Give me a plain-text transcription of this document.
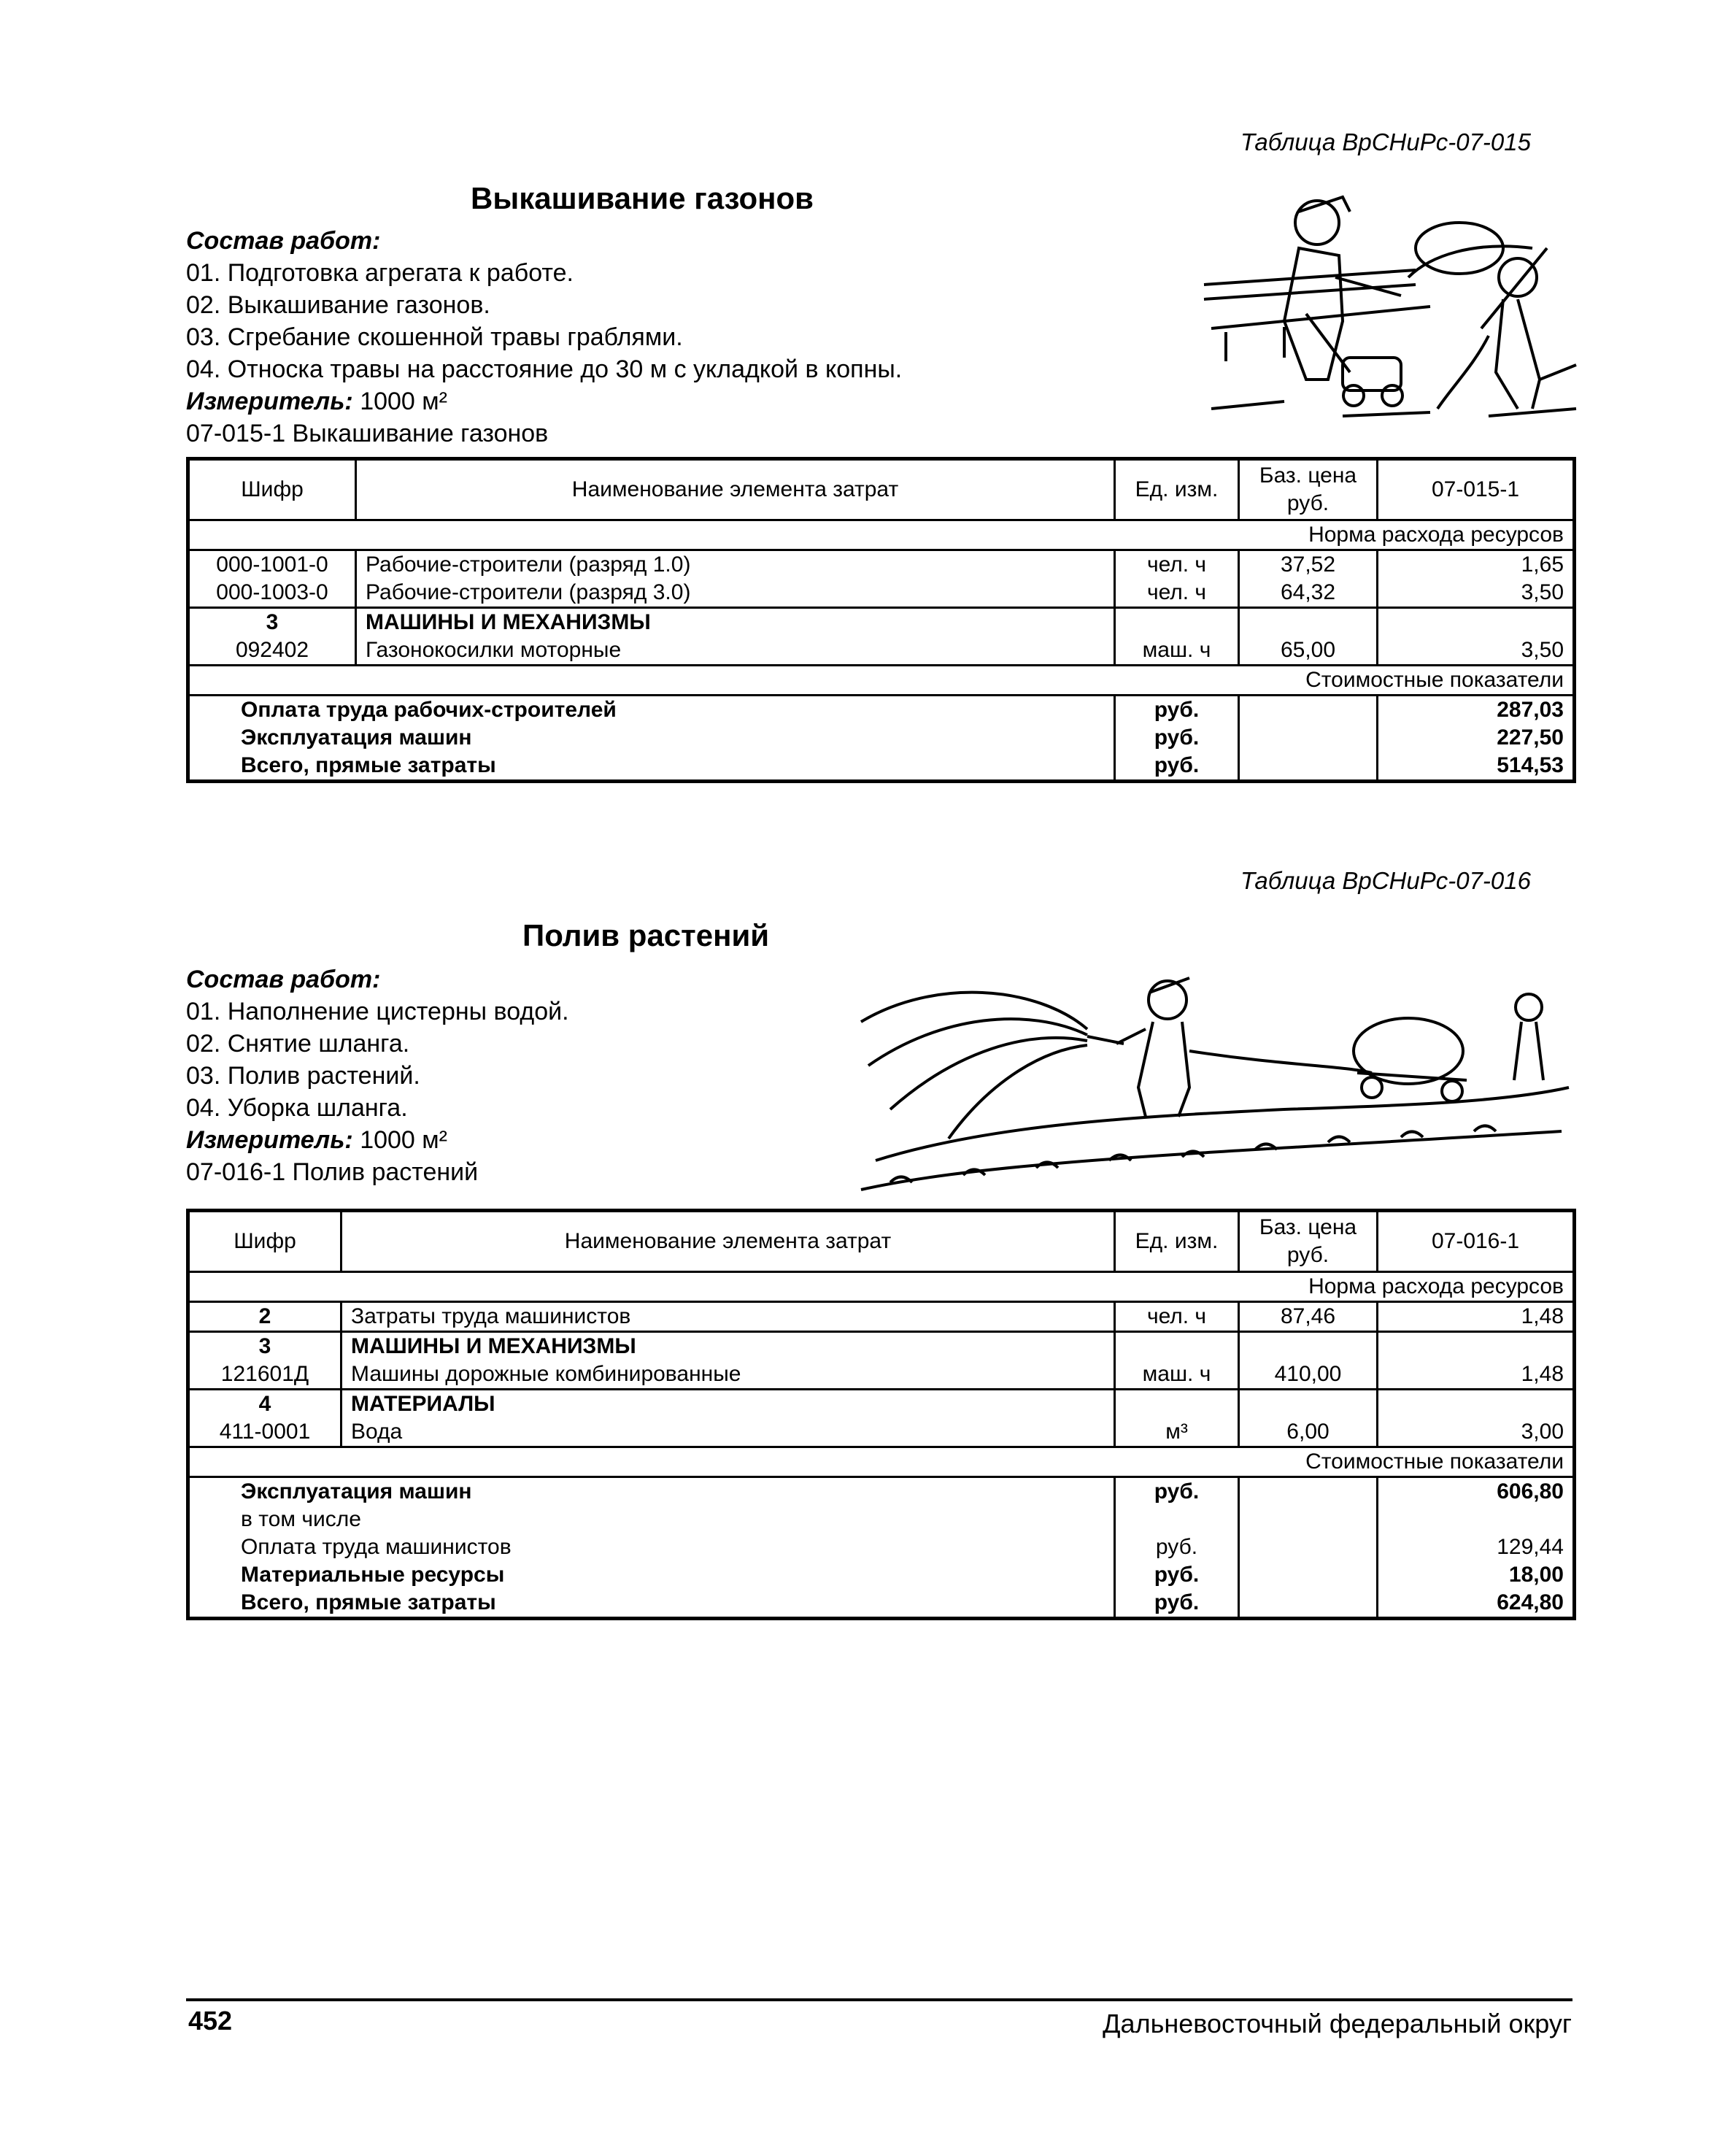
Таблица ВрСНиРс-07-015
Выкашивание газонов
Состав работ:
01. Подготовка агрегата к работе.
02. Выкашивание газонов.
03. Сгребание скошенной травы граблями.
04. Относка травы на расстояние до 30 м с укладкой в копны.
Измеритель: 1000 м²
07-015-1 Выкашивание газонов
Шифр	Наименование элемента затрат	Ед. изм.	Баз. цена руб.	07-015-1
Норма расхода ресурсов				
000-1001-0	Рабочие-строители (разряд 1.0)	чел. ч	37,52	1,65
000-1003-0	Рабочие-строители (разряд 3.0)	чел. ч	64,32	3,50
3	МАШИНЫ И МЕХАНИЗМЫ			
092402	Газонокосилки моторные	маш. ч	65,00	3,50
Стоимостные показатели				
Оплата труда рабочих-строителей		руб.		287,03
Эксплуатация машин		руб.		227,50
Всего, прямые затраты		руб.		514,53
Таблица ВрСНиРс-07-016
Полив растений
Состав работ:
01. Наполнение цистерны водой.
02. Снятие шланга.
03. Полив растений.
04. Уборка шланга.
Измеритель: 1000 м²
07-016-1 Полив растений
Шифр	Наименование элемента затрат	Ед. изм.	Баз. цена руб.	07-016-1
Норма расхода ресурсов				
2	Затраты труда машинистов	чел. ч	87,46	1,48
3	МАШИНЫ И МЕХАНИЗМЫ			
121601Д	Машины дорожные комбинированные	маш. ч	410,00	1,48
4	МАТЕРИАЛЫ			
411-0001	Вода	м³	6,00	3,00
Стоимостные показатели				
Эксплуатация машин		руб.		606,80
в том числе				
Оплата труда машинистов		руб.		129,44
Материальные ресурсы		руб.		18,00
Всего, прямые затраты		руб.		624,80
452	Дальневосточный федеральный округ
